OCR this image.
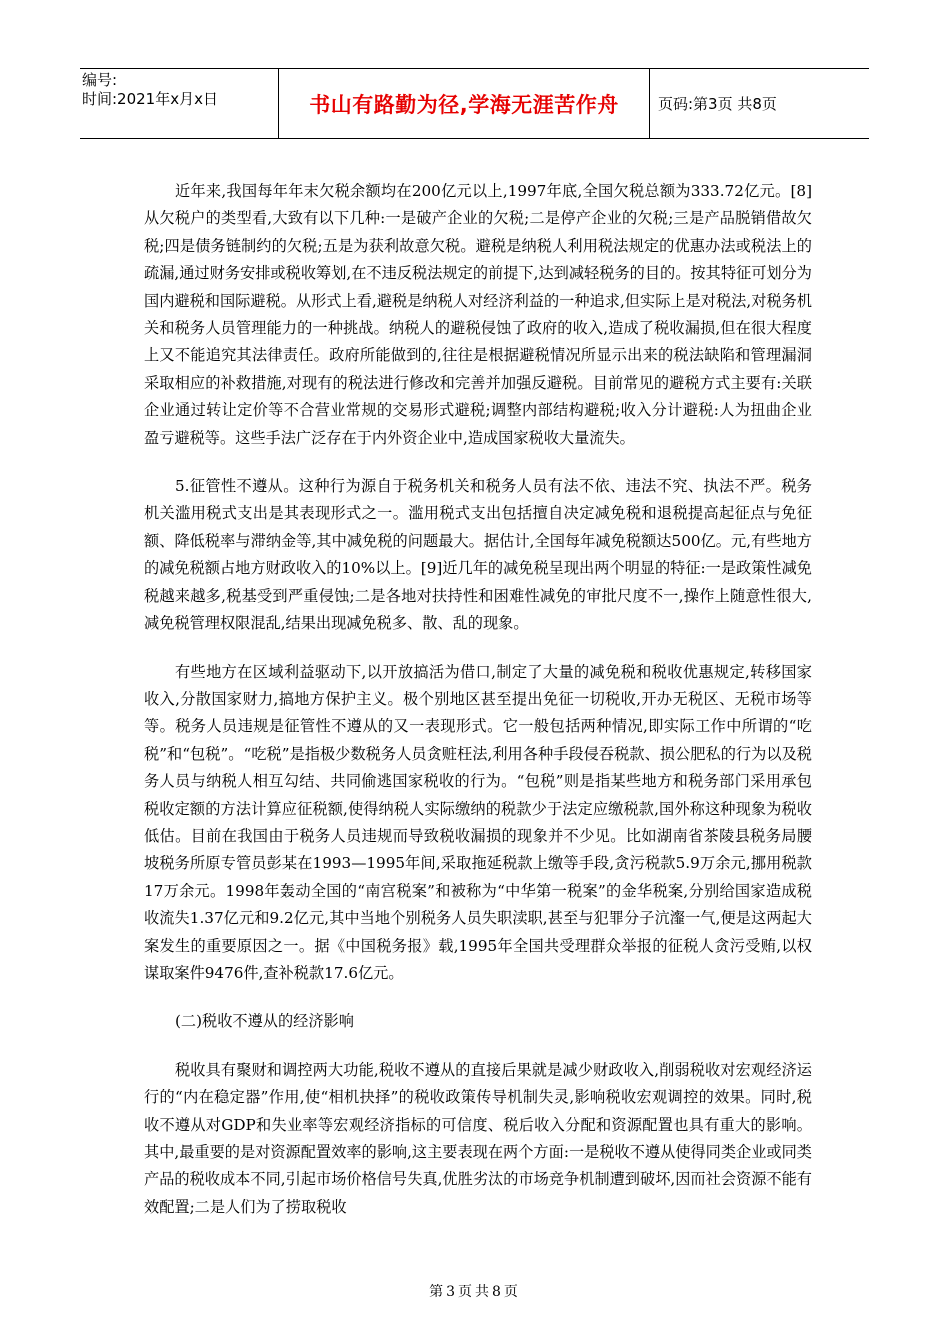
编号:
时间:2021年x月x日	书山有路勤为径,学海无涯苦作舟	页码:第3页 共8页

近年来,我国每年年末欠税余额均在200亿元以上,1997年底,全国欠税总额为333.72亿元。[8]从欠税户的类型看,大致有以下几种:一是破产企业的欠税;二是停产企业的欠税;三是产品脱销借故欠税;四是债务链制约的欠税;五是为获利故意欠税。避税是纳税人利用税法规定的优惠办法或税法上的疏漏,通过财务安排或税收筹划,在不违反税法规定的前提下,达到减轻税务的目的。按其特征可划分为国内避税和国际避税。从形式上看,避税是纳税人对经济利益的一种追求,但实际上是对税法,对税务机关和税务人员管理能力的一种挑战。纳税人的避税侵蚀了政府的收入,造成了税收漏损,但在很大程度上又不能追究其法律责任。政府所能做到的,往往是根据避税情况所显示出来的税法缺陷和管理漏洞采取相应的补救措施,对现有的税法进行修改和完善并加强反避税。目前常见的避税方式主要有:关联企业通过转让定价等不合营业常规的交易形式避税;调整内部结构避税;收入分计避税:人为扭曲企业盈亏避税等。这些手法广泛存在于内外资企业中,造成国家税收大量流失。

5.征管性不遵从。这种行为源自于税务机关和税务人员有法不依、违法不究、执法不严。税务机关滥用税式支出是其表现形式之一。滥用税式支出包括擅自决定减免税和退税提高起征点与免征额、降低税率与滞纳金等,其中减免税的问题最大。据估计,全国每年减免税额达500亿。元,有些地方的减免税额占地方财政收入的10%以上。[9]近几年的减免税呈现出两个明显的特征:一是政策性减免税越来越多,税基受到严重侵蚀;二是各地对扶持性和困难性减免的审批尺度不一,操作上随意性很大,减免税管理权限混乱,结果出现减免税多、散、乱的现象。

有些地方在区域利益驱动下,以开放搞活为借口,制定了大量的减免税和税收优惠规定,转移国家收入,分散国家财力,搞地方保护主义。极个别地区甚至提出免征一切税收,开办无税区、无税市场等等。税务人员违规是征管性不遵从的又一表现形式。它一般包括两种情况,即实际工作中所谓的“吃税”和“包税”。“吃税”是指极少数税务人员贪赃枉法,利用各种手段侵吞税款、损公肥私的行为以及税务人员与纳税人相互勾结、共同偷逃国家税收的行为。“包税”则是指某些地方和税务部门采用承包税收定额的方法计算应征税额,使得纳税人实际缴纳的税款少于法定应缴税款,国外称这种现象为税收低估。目前在我国由于税务人员违规而导致税收漏损的现象并不少见。比如湖南省茶陵县税务局腰坡税务所原专管员彭某在1993—1995年间,采取拖延税款上缴等手段,贪污税款5.9万余元,挪用税款17万余元。1998年轰动全国的“南宫税案”和被称为“中华第一税案”的金华税案,分别给国家造成税收流失1.37亿元和9.2亿元,其中当地个别税务人员失职渎职,甚至与犯罪分子沆瀣一气,便是这两起大案发生的重要原因之一。据《中国税务报》载,1995年全国共受理群众举报的征税人贪污受贿,以权谋取案件9476件,查补税款17.6亿元。

(二)税收不遵从的经济影响

税收具有聚财和调控两大功能,税收不遵从的直接后果就是减少财政收入,削弱税收对宏观经济运行的“内在稳定器”作用,使“相机抉择”的税收政策传导机制失灵,影响税收宏观调控的效果。同时,税收不遵从对GDP和失业率等宏观经济指标的可信度、税后收入分配和资源配置也具有重大的影响。其中,最重要的是对资源配置效率的影响,这主要表现在两个方面:一是税收不遵从使得同类企业或同类产品的税收成本不同,引起市场价格信号失真,优胜劣汰的市场竞争机制遭到破坏,因而社会资源不能有效配置;二是人们为了捞取税收

第3页共8页
